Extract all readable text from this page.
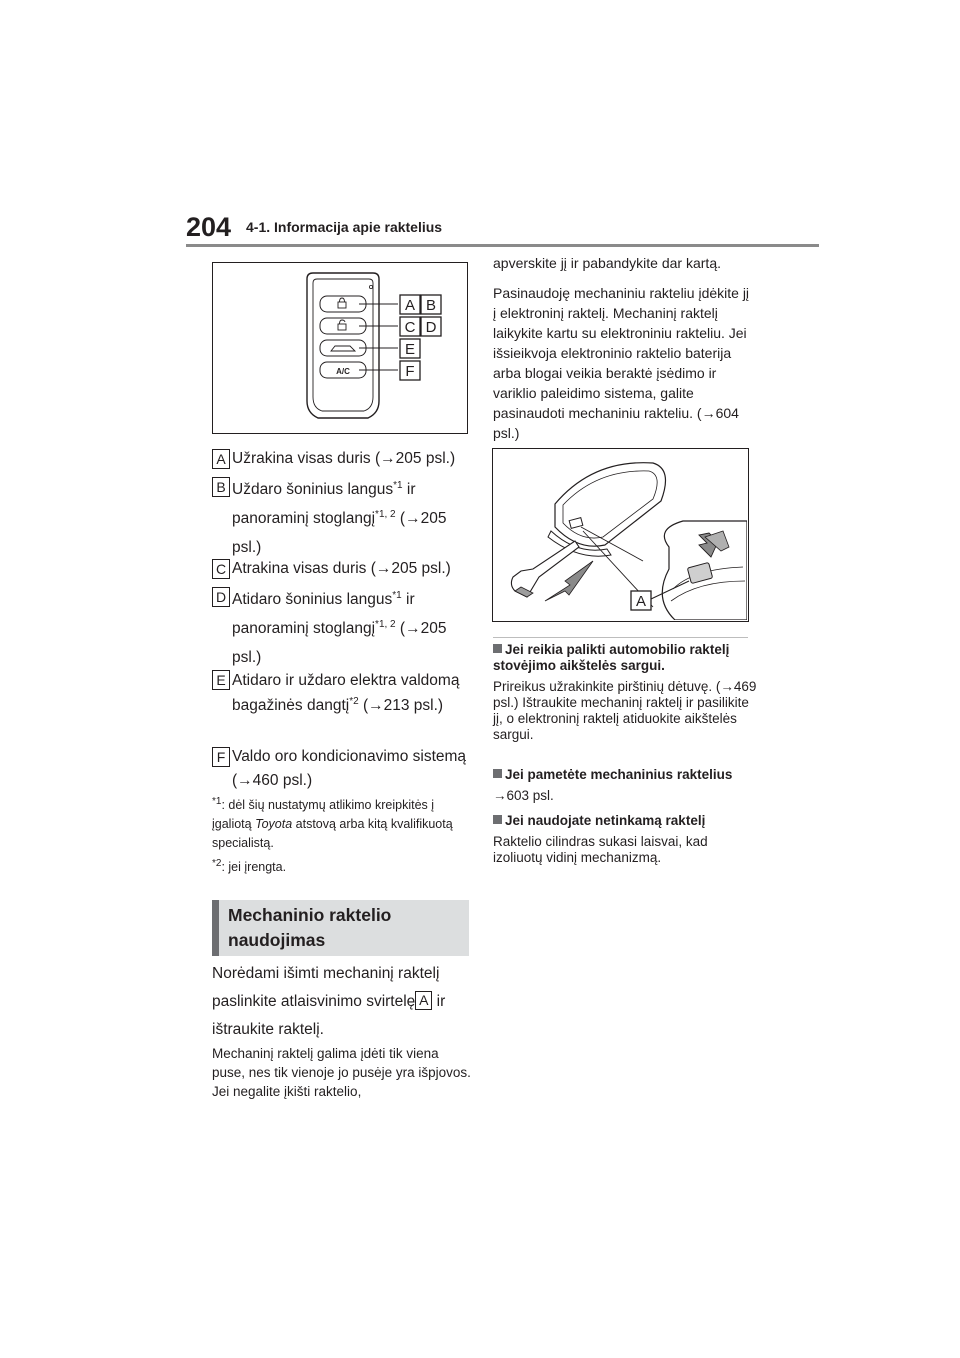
204 4-1. Informacija apie raktelius
A/C
A B
C D
E
F
A Užrakina visas duris (→205 psl.)
B Uždaro šoninius langus$^{*1}$ ir panoraminį stoglangį$^{*1, 2}$ (→205 psl.)
C Atrakina visas duris (→205 psl.)
D Atidaro šoninius langus$^{*1}$ ir panoraminį stoglangį$^{*1, 2}$ (→205 psl.)
E Atidaro ir uždaro elektra valdomą bagažinės dangtį$^{*2}$ (→213 psl.)
F Valdo oro kondicionavimo sistemą (→460 psl.)
$^{*1}$: dėl šių nustatymų atlikimo kreipkitės į įgaliotą Toyota atstovą arba kitą kvalifikuotą specialistą.
$^{*2}$: jei įrengta.
Mechaninio raktelio naudojimas
Norėdami išimti mechaninį raktelį paslinkite atlaisvinimo svirtelę A ir ištraukite raktelį.
Mechaninį raktelį galima įdėti tik viena puse, nes tik vienoje jo pusėje yra išpjovos. Jei negalite įkišti raktelio,
apverskite jį ir pabandykite dar kartą.
Pasinaudoję mechaniniu rakteliu įdėkite jį į elektroninį raktelį. Mechaninį raktelį laikykite kartu su elektroniniu rakteliu. Jei išsieikvoja elektroninio raktelio baterija arba blogai veikia beraktė įsėdimo ir variklio paleidimo sistema, galite pasinaudoti mechaniniu rakteliu. (→604 psl.)
A
Jei reikia palikti automobilio raktelį stovėjimo aikštelės sargui.
Prireikus užrakinkite pirštinių dėtuvę. (→469 psl.) Ištraukite mechaninį raktelį ir pasilikite jį, o elektroninį raktelį atiduokite aikštelės sargui.
Jei pametėte mechaninius raktelius
→603 psl.
Jei naudojate netinkamą raktelį
Raktelio cilindras sukasi laisvai, kad izoliuotų vidinį mechanizmą.
